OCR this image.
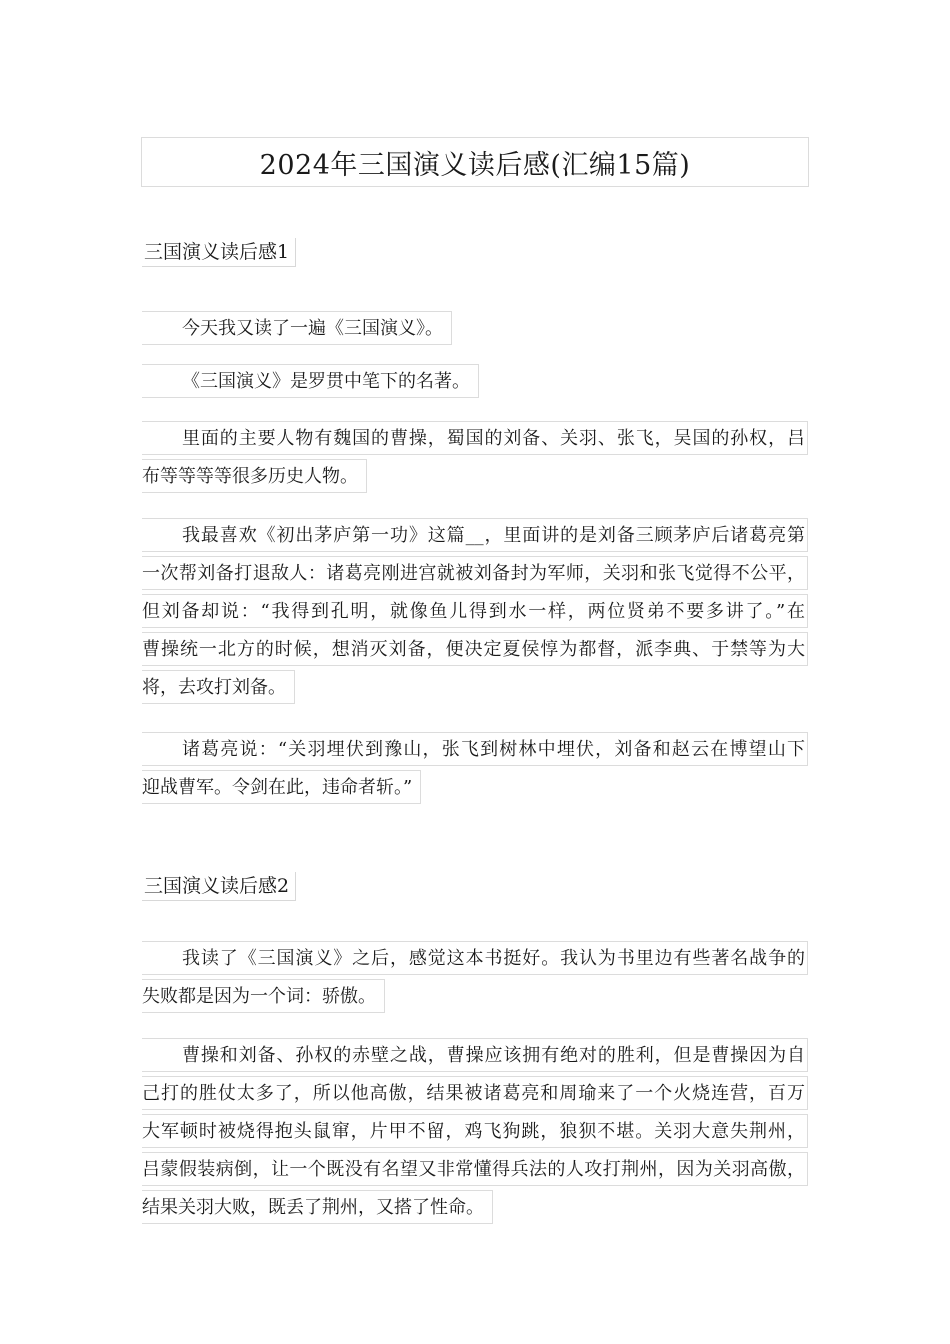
2024年三国演义读后感(汇编15篇)
三国演义读后感1
今天我又读了一遍《三国演义》。
《三国演义》是罗贯中笔下的名著。
里面的主要人物有魏国的曹操，蜀国的刘备、关羽、张飞，吴国的孙权，吕
布等等等等很多历史人物。
我最喜欢《初出茅庐第一功》这篇__，里面讲的是刘备三顾茅庐后诸葛亮第
一次帮刘备打退敌人：诸葛亮刚进宫就被刘备封为军师，关羽和张飞觉得不公平，
但刘备却说：“我得到孔明，就像鱼儿得到水一样，两位贤弟不要多讲了。”在
曹操统一北方的时候，想消灭刘备，便决定夏侯惇为都督，派李典、于禁等为大
将，去攻打刘备。
诸葛亮说：“关羽埋伏到豫山，张飞到树林中埋伏，刘备和赵云在博望山下
迎战曹军。令剑在此，违命者斩。”
三国演义读后感2
我读了《三国演义》之后，感觉这本书挺好。我认为书里边有些著名战争的
失败都是因为一个词：骄傲。
曹操和刘备、孙权的赤壁之战，曹操应该拥有绝对的胜利，但是曹操因为自
己打的胜仗太多了，所以他高傲，结果被诸葛亮和周瑜来了一个火烧连营，百万
大军顿时被烧得抱头鼠窜，片甲不留，鸡飞狗跳，狼狈不堪。关羽大意失荆州，
吕蒙假装病倒，让一个既没有名望又非常懂得兵法的人攻打荆州，因为关羽高傲，
结果关羽大败，既丢了荆州，又搭了性命。
